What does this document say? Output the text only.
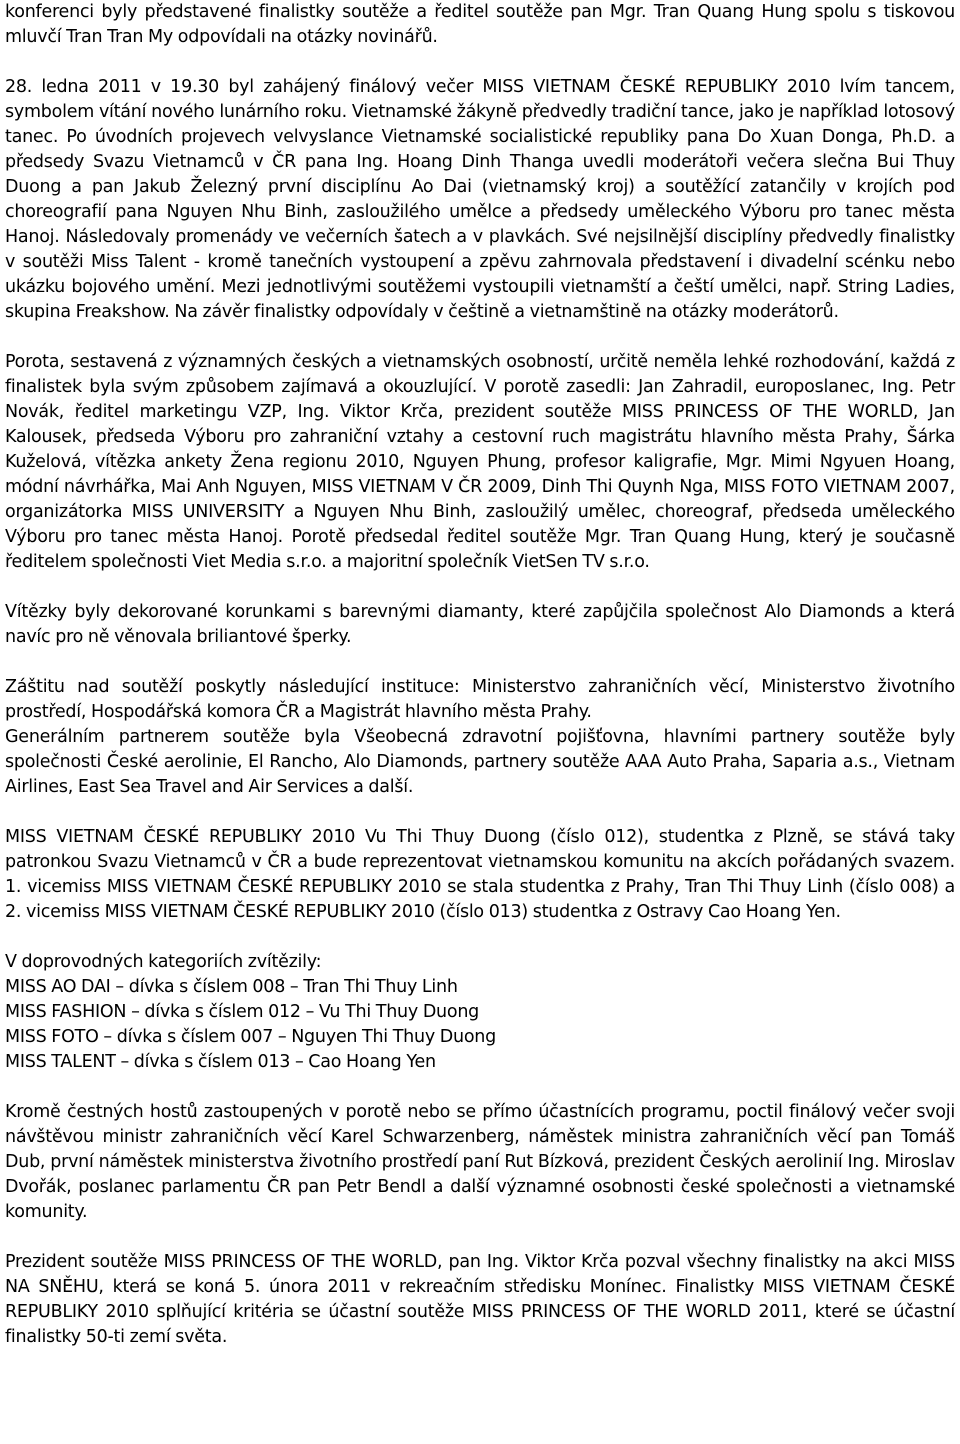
konferenci byly představené finalistky soutěže a ředitel soutěže pan Mgr. Tran Quang Hung spolu s tiskovou mluvčí Tran Tran My odpovídali na otázky novinářů.

28. ledna 2011 v 19.30 byl zahájený finálový večer MISS VIETNAM ČESKÉ REPUBLIKY 2010 lvím tancem, symbolem vítání nového lunárního roku. Vietnamské žákyně předvedly tradiční tance, jako je například lotosový tanec. Po úvodních projevech velvyslance Vietnamské socialistické republiky pana Do Xuan Donga, Ph.D. a předsedy Svazu Vietnamců v ČR pana Ing. Hoang Dinh Thanga uvedli moderátoři večera slečna Bui Thuy Duong a pan Jakub Železný první disciplínu Ao Dai (vietnamský kroj) a soutěžící zatančily v krojích pod choreografií pana Nguyen Nhu Binh, zasloužilého umělce a předsedy uměleckého Výboru pro tanec města Hanoj. Následovaly promenády ve večerních šatech a v plavkách. Své nejsilnější disciplíny předvedly finalistky v soutěži Miss Talent - kromě tanečních vystoupení a zpěvu zahrnovala představení i divadelní scénku nebo ukázku bojového umění. Mezi jednotlivými soutěžemi vystoupili vietnamští a čeští umělci, např. String Ladies, skupina Freakshow. Na závěr finalistky odpovídaly v češtině a vietnamštině na otázky moderátorů.

Porota, sestavená z významných českých a vietnamských osobností, určitě neměla lehké rozhodování, každá z finalistek byla svým způsobem zajímavá a okouzlující. V porotě zasedli: Jan Zahradil, europoslanec, Ing. Petr Novák, ředitel marketingu VZP, Ing. Viktor Krča, prezident soutěže MISS PRINCESS OF THE WORLD, Jan Kalousek, předseda Výboru pro zahraniční vztahy a cestovní ruch magistrátu hlavního města Prahy, Šárka Kuželová, vítězka ankety Žena regionu 2010, Nguyen Phung, profesor kaligrafie, Mgr. Mimi Ngyuen Hoang, módní návrhářka, Mai Anh Nguyen, MISS VIETNAM V ČR 2009, Dinh Thi Quynh Nga, MISS FOTO VIETNAM 2007, organizátorka MISS UNIVERSITY a Nguyen Nhu Binh, zasloužilý umělec, choreograf, předseda uměleckého Výboru pro tanec města Hanoj. Porotě předsedal ředitel soutěže Mgr. Tran Quang Hung, který je současně ředitelem společnosti Viet Media s.r.o. a majoritní společník VietSen TV s.r.o.

Vítězky byly dekorované korunkami s barevnými diamanty, které zapůjčila společnost Alo Diamonds a která navíc pro ně věnovala briliantové šperky.

Záštitu nad soutěží poskytly následující instituce: Ministerstvo zahraničních věcí, Ministerstvo životního prostředí, Hospodářská komora ČR a Magistrát hlavního města Prahy.

Generálním partnerem soutěže byla Všeobecná zdravotní pojišťovna, hlavními partnery soutěže byly společnosti České aerolinie, El Rancho, Alo Diamonds, partnery soutěže AAA Auto Praha, Saparia a.s., Vietnam Airlines, East Sea Travel and Air Services a další.

MISS VIETNAM ČESKÉ REPUBLIKY 2010 Vu Thi Thuy Duong (číslo 012), studentka z Plzně, se stává taky patronkou Svazu Vietnamců v ČR a bude reprezentovat vietnamskou komunitu na akcích pořádaných svazem. 1. vicemiss MISS VIETNAM ČESKÉ REPUBLIKY 2010 se stala studentka z Prahy, Tran Thi Thuy Linh (číslo 008) a 2. vicemiss MISS VIETNAM ČESKÉ REPUBLIKY 2010 (číslo 013) studentka z Ostravy Cao Hoang Yen.

V doprovodných kategoriích zvítězily:
MISS AO DAI – dívka s číslem 008 – Tran Thi Thuy Linh
MISS FASHION – dívka s číslem 012 – Vu Thi Thuy Duong
MISS FOTO – dívka s číslem 007 – Nguyen Thi Thuy Duong
MISS TALENT – dívka s číslem 013 – Cao Hoang Yen

Kromě čestných hostů zastoupených v porotě nebo se přímo účastnících programu, poctil finálový večer svoji návštěvou ministr zahraničních věcí Karel Schwarzenberg, náměstek ministra zahraničních věcí pan Tomáš Dub, první náměstek ministerstva životního prostředí paní Rut Bízková, prezident Českých aerolinií Ing. Miroslav Dvořák, poslanec parlamentu ČR pan Petr Bendl a další významné osobnosti české společnosti a vietnamské komunity.

Prezident soutěže MISS PRINCESS OF THE WORLD, pan Ing. Viktor Krča pozval všechny finalistky na akci MISS NA SNĚHU, která se koná 5. února 2011 v rekreačním středisku Monínec. Finalistky MISS VIETNAM ČESKÉ REPUBLIKY 2010 splňující kritéria se účastní soutěže MISS PRINCESS OF THE WORLD 2011, které se účastní finalistky 50-ti zemí světa.
